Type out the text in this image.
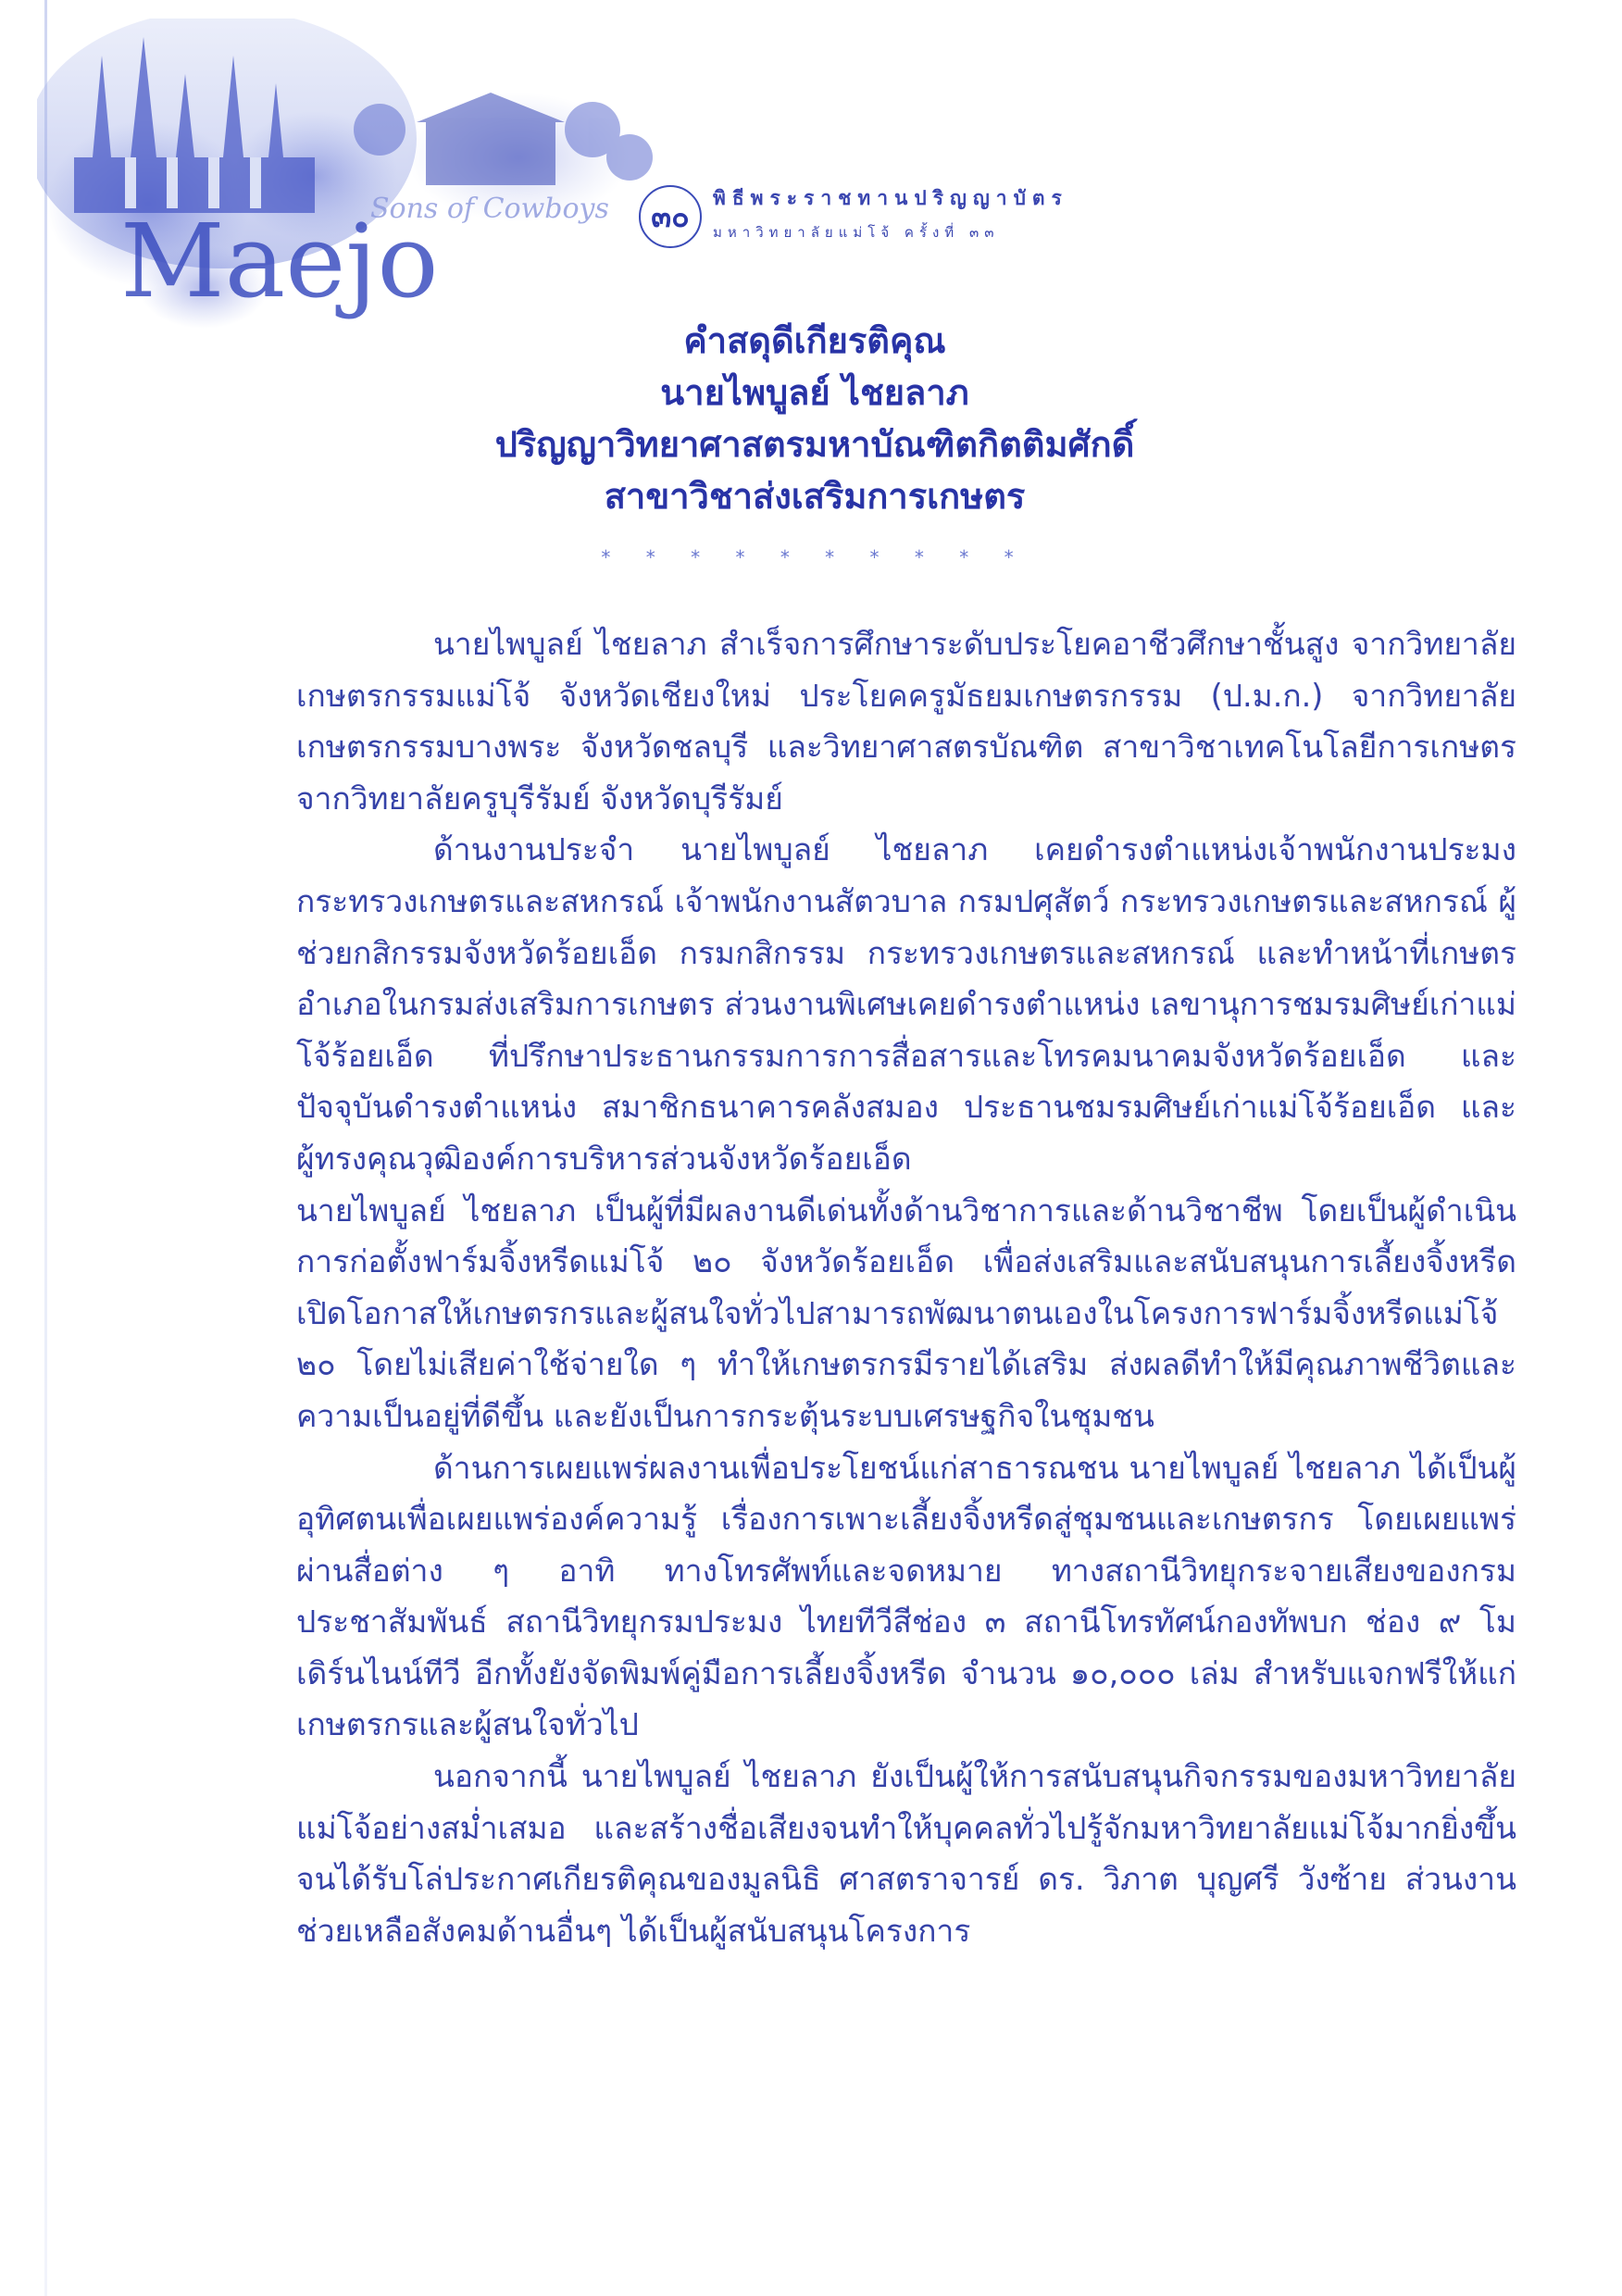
Maejo
Sons of Cowboys	๓๐
พิธีพระราชทานปริญญาบัตร
มหาวิทยาลัยแม่โจ้ ครั้งที่ ๓๓
คำสดุดีเกียรติคุณ
นายไพบูลย์ ไชยลาภ
ปริญญาวิทยาศาสตรมหาบัณฑิตกิตติมศักดิ์
สาขาวิชาส่งเสริมการเกษตร
* * * * * * * * * *

นายไพบูลย์ ไชยลาภ สำเร็จการศึกษาระดับประโยคอาชีวศึกษาชั้นสูง จากวิทยาลัยเกษตรกรรมแม่โจ้ จังหวัดเชียงใหม่ ประโยคครูมัธยมเกษตรกรรม (ป.ม.ก.) จากวิทยาลัยเกษตรกรรมบางพระ จังหวัดชลบุรี และวิทยาศาสตรบัณฑิต สาขาวิชาเทคโนโลยีการเกษตร จากวิทยาลัยครูบุรีรัมย์ จังหวัดบุรีรัมย์

ด้านงานประจำ นายไพบูลย์ ไชยลาภ เคยดำรงตำแหน่งเจ้าพนักงานประมง กระทรวงเกษตรและสหกรณ์ เจ้าพนักงานสัตวบาล กรมปศุสัตว์ กระทรวงเกษตรและสหกรณ์ ผู้ช่วยกสิกรรมจังหวัดร้อยเอ็ด กรมกสิกรรม กระทรวงเกษตรและสหกรณ์ และทำหน้าที่เกษตรอำเภอในกรมส่งเสริมการเกษตร ส่วนงานพิเศษเคยดำรงตำแหน่ง เลขานุการชมรมศิษย์เก่าแม่โจ้ร้อยเอ็ด ที่ปรึกษาประธานกรรมการการสื่อสารและโทรคมนาคมจังหวัดร้อยเอ็ด และปัจจุบันดำรงตำแหน่ง สมาชิกธนาคารคลังสมอง ประธานชมรมศิษย์เก่าแม่โจ้ร้อยเอ็ด และผู้ทรงคุณวุฒิองค์การบริหารส่วนจังหวัดร้อยเอ็ด

นายไพบูลย์ ไชยลาภ เป็นผู้ที่มีผลงานดีเด่นทั้งด้านวิชาการและด้านวิชาชีพ โดยเป็นผู้ดำเนินการก่อตั้งฟาร์มจิ้งหรีดแม่โจ้ ๒๐ จังหวัดร้อยเอ็ด เพื่อส่งเสริมและสนับสนุนการเลี้ยงจิ้งหรีด เปิดโอกาสให้เกษตรกรและผู้สนใจทั่วไปสามารถพัฒนาตนเองในโครงการฟาร์มจิ้งหรีดแม่โจ้ ๒๐ โดยไม่เสียค่าใช้จ่ายใด ๆ ทำให้เกษตรกรมีรายได้เสริม ส่งผลดีทำให้มีคุณภาพชีวิตและความเป็นอยู่ที่ดีขึ้น และยังเป็นการกระตุ้นระบบเศรษฐกิจในชุมชน

ด้านการเผยแพร่ผลงานเพื่อประโยชน์แก่สาธารณชน นายไพบูลย์ ไชยลาภ ได้เป็นผู้อุทิศตนเพื่อเผยแพร่องค์ความรู้ เรื่องการเพาะเลี้ยงจิ้งหรีดสู่ชุมชนและเกษตรกร โดยเผยแพร่ผ่านสื่อต่าง ๆ อาทิ ทางโทรศัพท์และจดหมาย ทางสถานีวิทยุกระจายเสียงของกรมประชาสัมพันธ์ สถานีวิทยุกรมประมง ไทยทีวีสีช่อง ๓ สถานีโทรทัศน์กองทัพบก ช่อง ๙ โมเดิร์นไนน์ทีวี อีกทั้งยังจัดพิมพ์คู่มือการเลี้ยงจิ้งหรีด จำนวน ๑๐,๐๐๐ เล่ม สำหรับแจกฟรีให้แก่เกษตรกรและผู้สนใจทั่วไป

นอกจากนี้ นายไพบูลย์ ไชยลาภ ยังเป็นผู้ให้การสนับสนุนกิจกรรมของมหาวิทยาลัยแม่โจ้อย่างสม่ำเสมอ และสร้างชื่อเสียงจนทำให้บุคคลทั่วไปรู้จักมหาวิทยาลัยแม่โจ้มากยิ่งขึ้น จนได้รับโล่ประกาศเกียรติคุณของมูลนิธิ ศาสตราจารย์ ดร. วิภาต บุญศรี วังซ้าย ส่วนงานช่วยเหลือสังคมด้านอื่นๆ ได้เป็นผู้สนับสนุนโครงการ
